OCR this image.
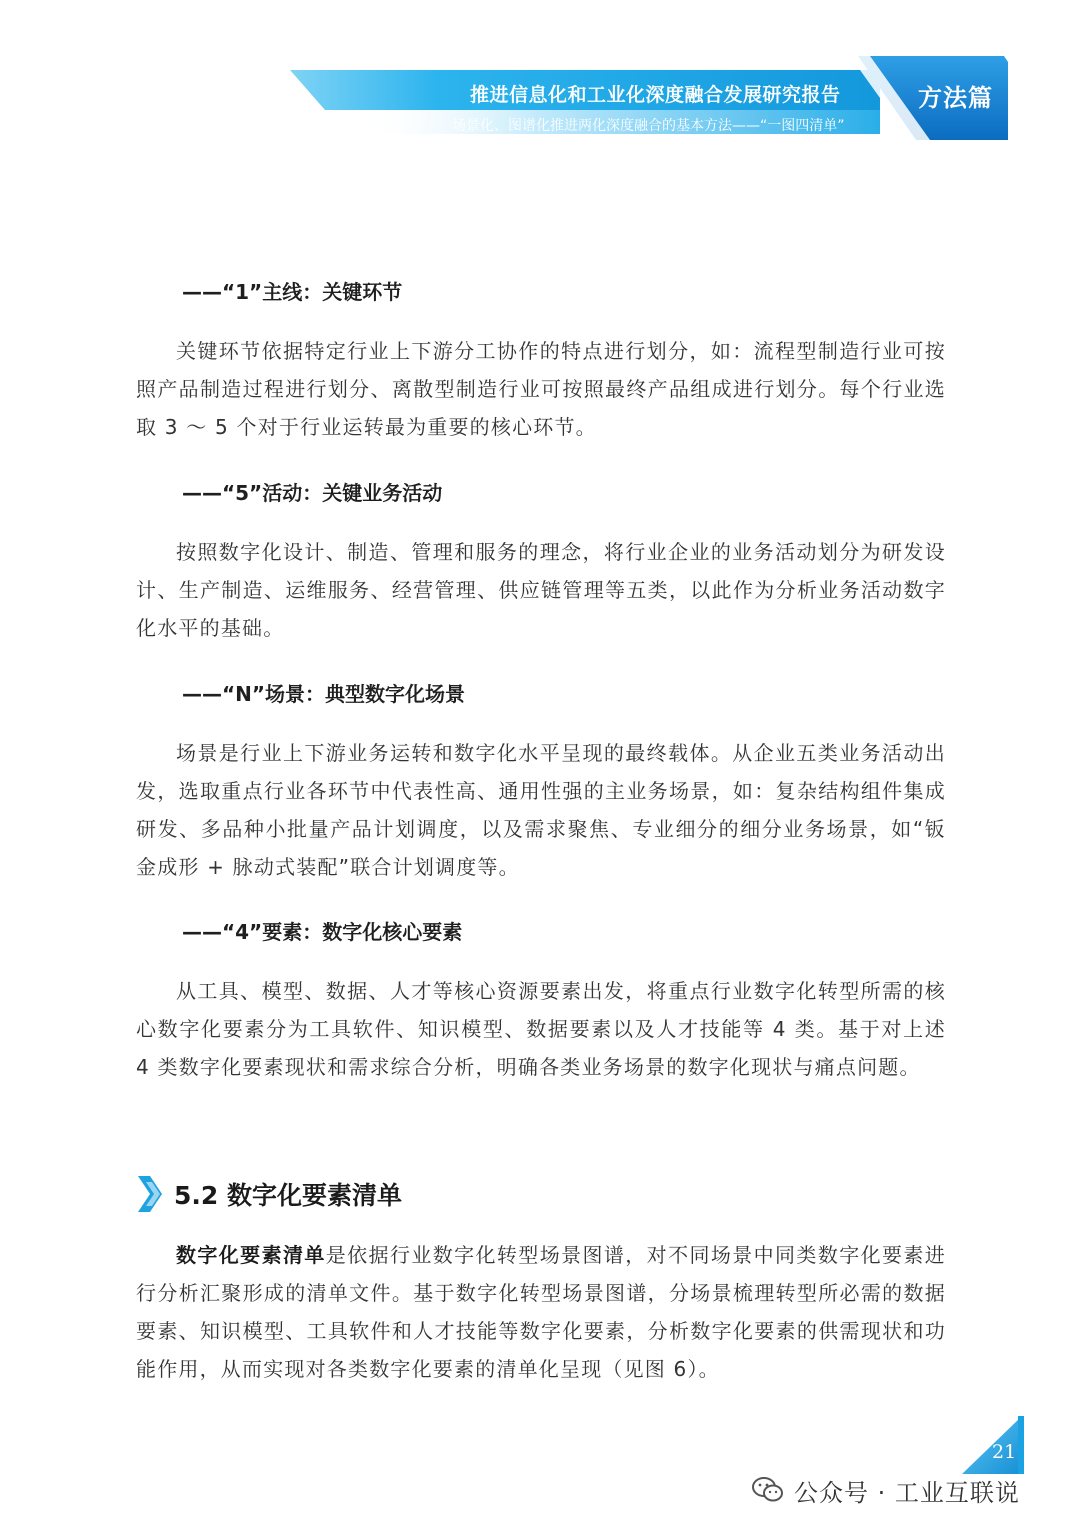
推进信息化和工业化深度融合发展研究报告
场景化、图谱化推进两化深度融合的基本方法——“一图四清单”
方法篇
——“1”主线：关键环节
关键环节依据特定行业上下游分工协作的特点进行划分，如：流程型制造行业可按照产品制造过程进行划分、离散型制造行业可按照最终产品组成进行划分。每个行业选取 3 ～ 5 个对于行业运转最为重要的核心环节。
——“5”活动：关键业务活动
按照数字化设计、制造、管理和服务的理念，将行业企业的业务活动划分为研发设计、生产制造、运维服务、经营管理、供应链管理等五类，以此作为分析业务活动数字化水平的基础。
——“N”场景：典型数字化场景
场景是行业上下游业务运转和数字化水平呈现的最终载体。从企业五类业务活动出发，选取重点行业各环节中代表性高、通用性强的主业务场景，如：复杂结构组件集成研发、多品种小批量产品计划调度，以及需求聚焦、专业细分的细分业务场景，如“钣金成形 + 脉动式装配”联合计划调度等。
——“4”要素：数字化核心要素
从工具、模型、数据、人才等核心资源要素出发，将重点行业数字化转型所需的核心数字化要素分为工具软件、知识模型、数据要素以及人才技能等 4 类。基于对上述 4 类数字化要素现状和需求综合分析，明确各类业务场景的数字化现状与痛点问题。
5.2 数字化要素清单
数字化要素清单是依据行业数字化转型场景图谱，对不同场景中同类数字化要素进行分析汇聚形成的清单文件。基于数字化转型场景图谱，分场景梳理转型所必需的数据要素、知识模型、工具软件和人才技能等数字化要素，分析数字化要素的供需现状和功能作用，从而实现对各类数字化要素的清单化呈现（见图 6）。
21
公众号 · 工业互联说
